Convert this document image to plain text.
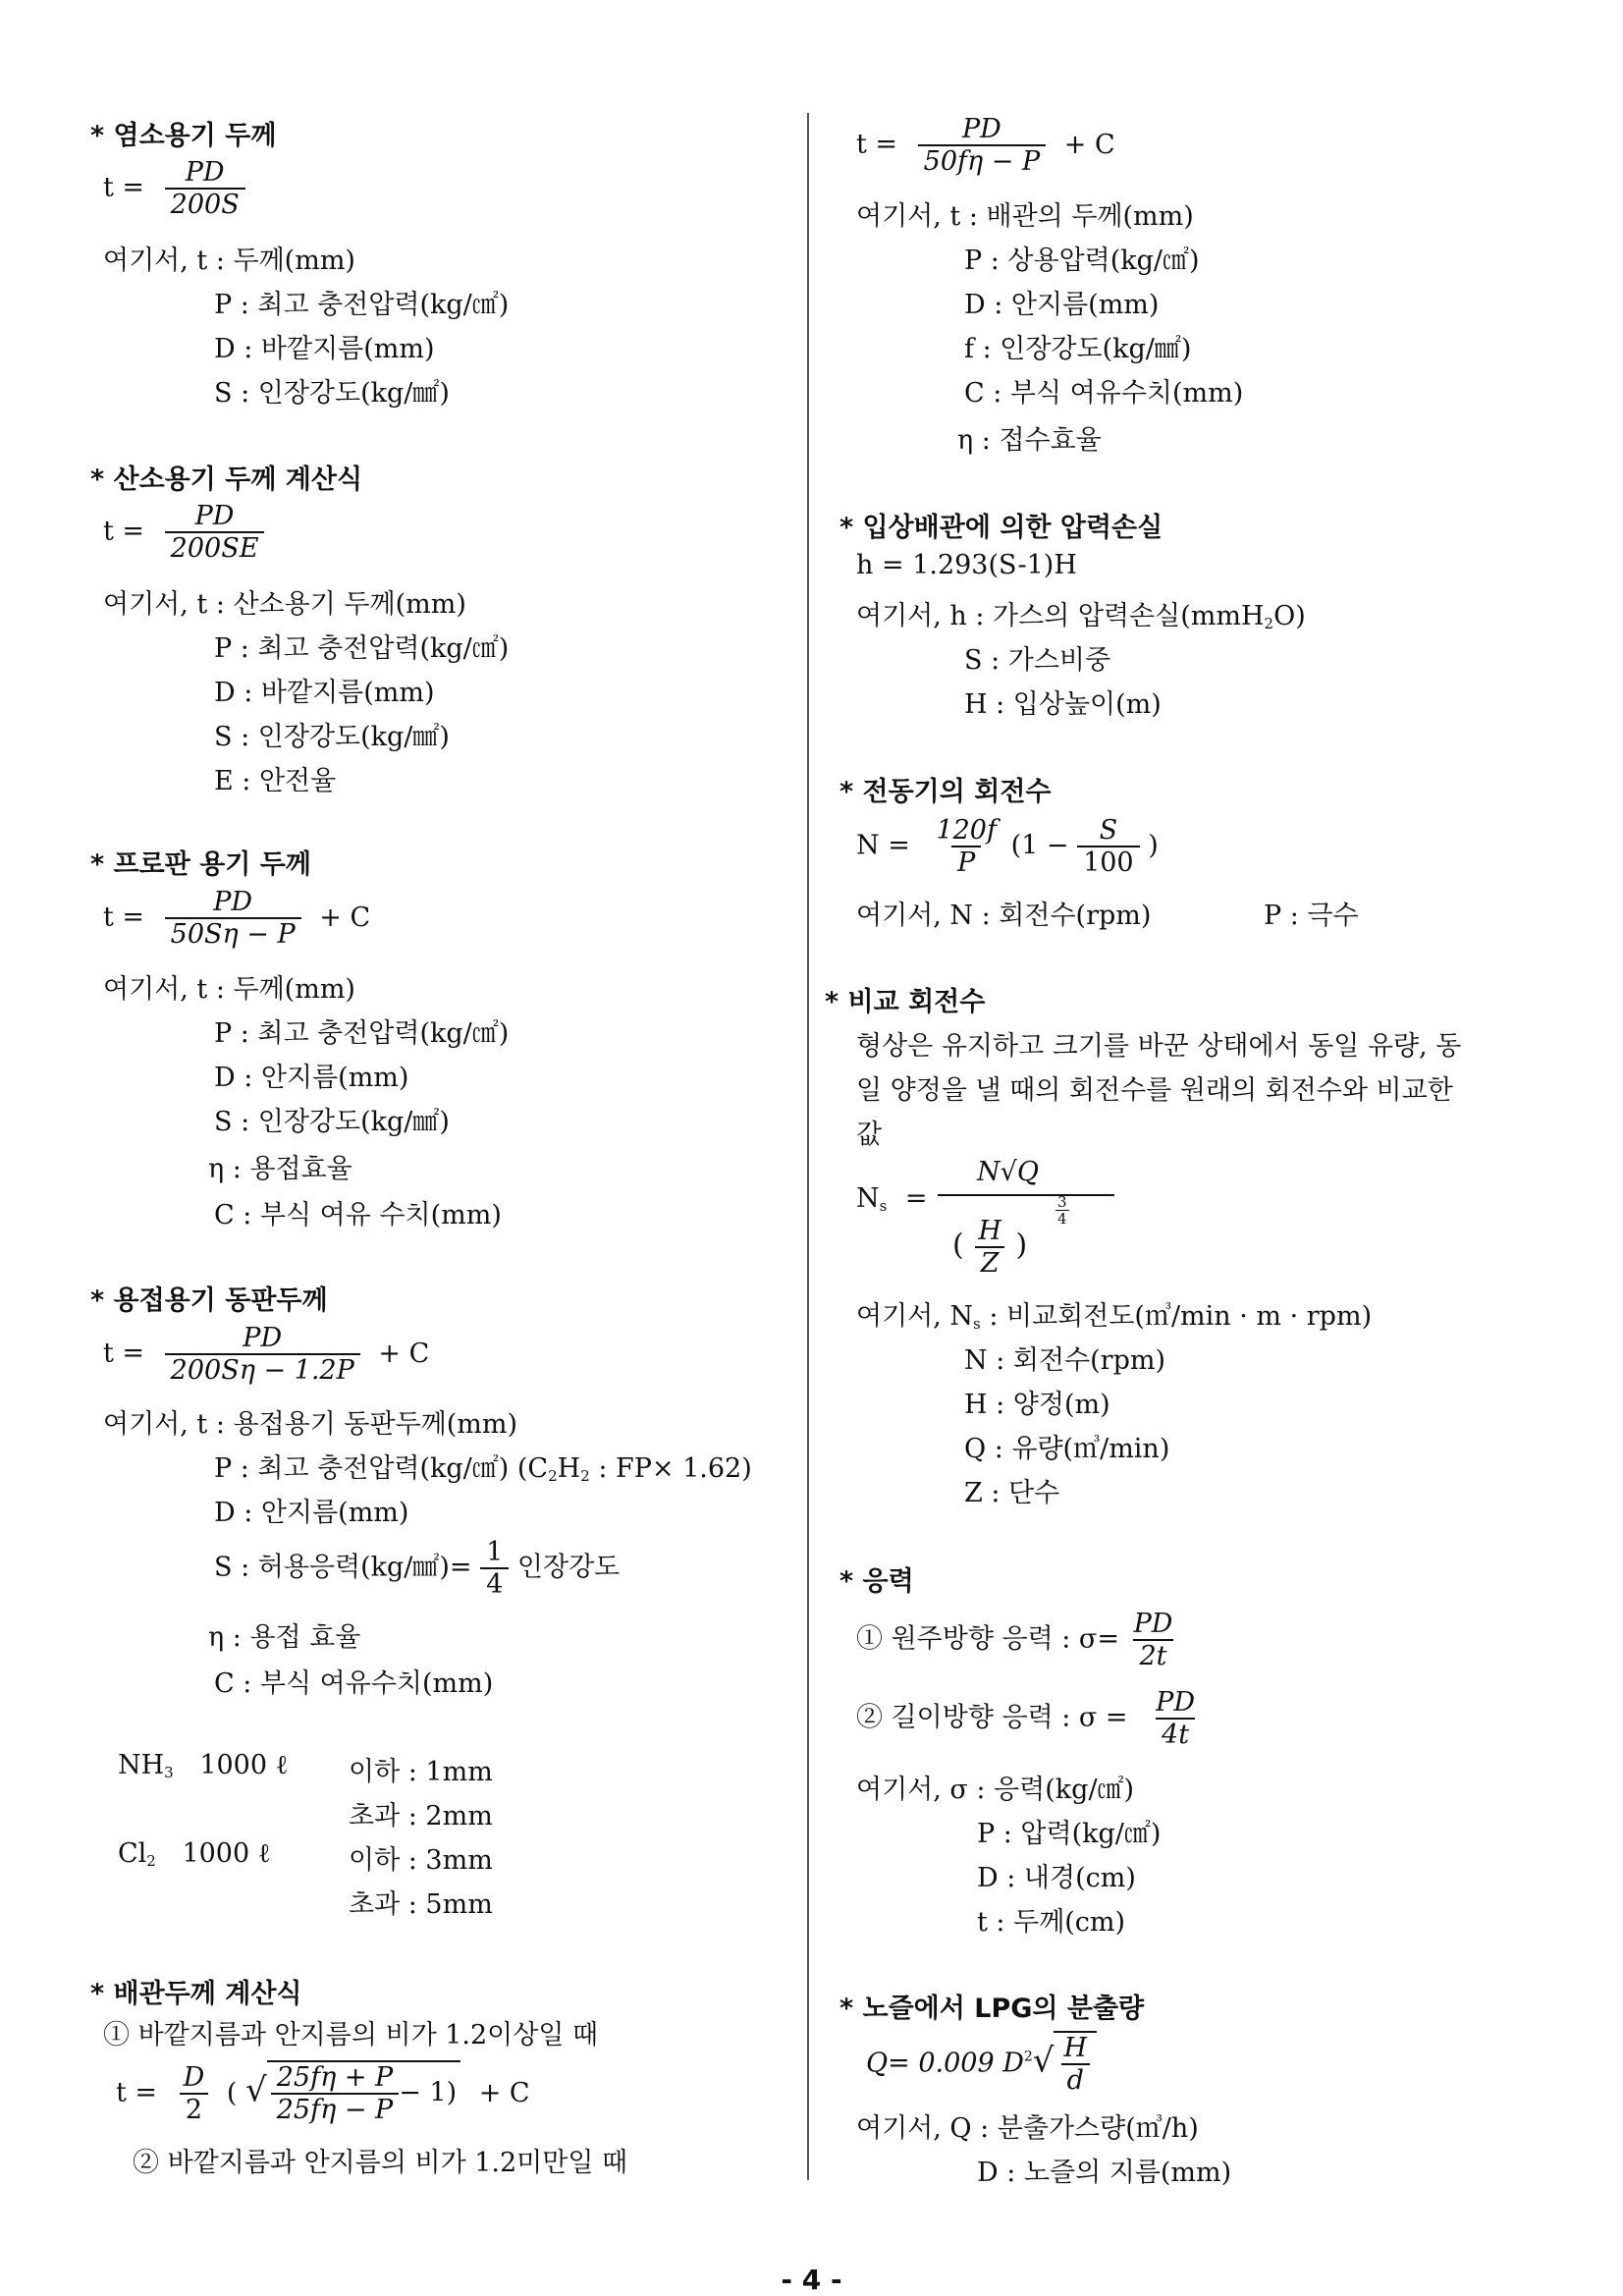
* 염소용기 두께
$t = \frac{PD}{200S}$
여기서, t : 두께(mm)
P : 최고 충전압력(kg/㎠)
D : 바깥지름(mm)
S : 인장강도(kg/㎟)
* 산소용기 두께 계산식
$t = \frac{PD}{200SE}$
여기서, t : 산소용기 두께(mm)
P : 최고 충전압력(kg/㎠)
D : 바깥지름(mm)
S : 인장강도(kg/㎟)
E : 안전율
* 프로판 용기 두께
$t = \frac{PD}{50S\eta - P} + C$
여기서, t : 두께(mm)
P : 최고 충전압력(kg/㎠)
D : 안지름(mm)
S : 인장강도(kg/㎟)
η : 용접효율
C : 부식 여유 수치(mm)
* 용접용기 동판두께
$t = \frac{PD}{200S\eta - 1.2P} + C$
여기서, t : 용접용기 동판두께(mm)
P : 최고 충전압력(kg/㎠) (C2H2 : FP× 1.62)
D : 안지름(mm)
S : 허용응력(kg/㎟)= $\frac{1}{4}$ 인장강도
η : 용접 효율
C : 부식 여유수치(mm)
NH3 1000 ℓ 이하 : 1mm
초과 : 2mm
Cl2 1000 ℓ	이하 : 3mm
초과 : 5mm
* 배관두께 계산식
① 바깥지름과 안지름의 비가 1.2이상일 때
$t = \frac{D}{2}$ ( √ $\frac{25f\eta + P}{25f\eta - P} - 1) + C$
② 바깥지름과 안지름의 비가 1.2미만일 때
$t = \frac{PD}{50f\eta - P} + C$
여기서, t : 배관의 두께(mm)
P : 상용압력(kg/㎠)
D : 안지름(mm)
f : 인장강도(kg/㎟)
C : 부식 여유수치(mm)
η : 접수효율
* 입상배관에 의한 압력손실
h = 1.293(S-1)H
여기서, h : 가스의 압력손실(mmH2O)
S : 가스비중
H : 입상높이(m)
* 전동기의 회전수
$N = \frac{120f}{P} (1 - \frac{S}{100}$ )
여기서, N : 회전수(rpm)	P : 극수
* 비교 회전수
형상은 유지하고 크기를 바꾼 상태에서 동일 유량, 동
일 양정을 낼 때의 회전수를 원래의 회전수와 비교한
값
Ns =
N√Q
( $\frac{H}{Z}$ )
$\frac{3}{4}$
여기서, Ns : 비교회전도(㎥/min · m · rpm)
N : 회전수(rpm)
H : 양정(m)
Q : 유량(㎥/min)
Z : 단수
* 응력
① 원주방향 응력 : $\sigma= \frac{PD}{2t}$
② 길이방향 응력 : $\sigma = \frac{PD}{4t}$
여기서, σ : 응력(kg/㎠)
P : 압력(kg/㎠)
D : 내경(cm)
t : 두께(cm)
* 노즐에서 LPG의 분출량
Q= 0.009 $D^2√ \frac{H}{d}$
여기서, Q : 분출가스량(㎥/h)
D : 노즐의 지름(mm)
- 4 -
